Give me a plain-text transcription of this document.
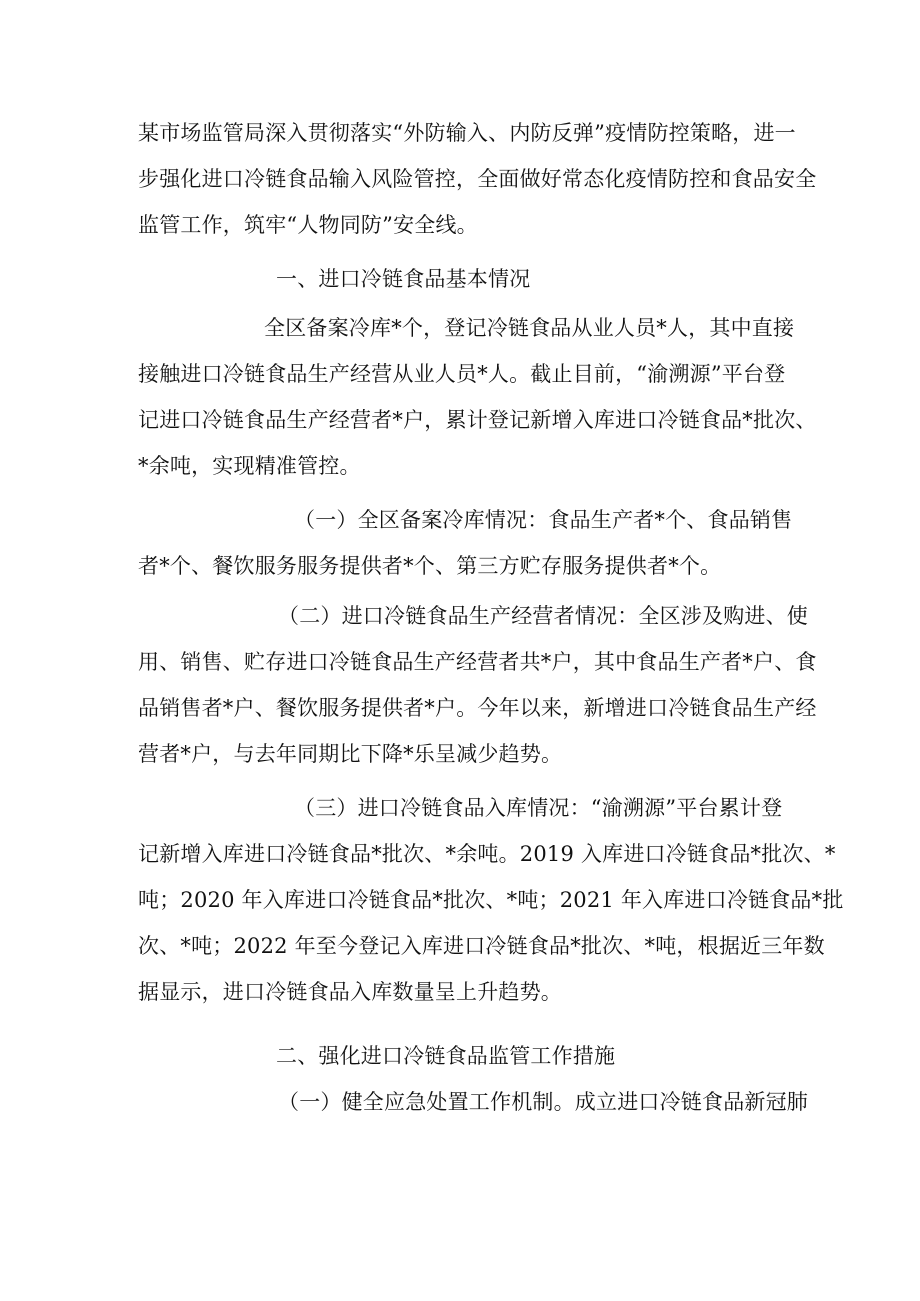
某市场监管局深入贯彻落实“外防输入、内防反弹”疫情防控策略，进一
步强化进口冷链食品输入风险管控，全面做好常态化疫情防控和食品安全
监管工作，筑牢“人物同防”安全线。
一、进口冷链食品基本情况
全区备案冷库*个，登记冷链食品从业人员*人，其中直接
接触进口冷链食品生产经营从业人员*人。截止目前，“渝溯源”平台登
记进口冷链食品生产经营者*户，累计登记新增入库进口冷链食品*批次、
*余吨，实现精准管控。
（一）全区备案冷库情况：食品生产者*个、食品销售
者*个、餐饮服务服务提供者*个、第三方贮存服务提供者*个。
（二）进口冷链食品生产经营者情况：全区涉及购进、使
用、销售、贮存进口冷链食品生产经营者共*户，其中食品生产者*户、食
品销售者*户、餐饮服务提供者*户。今年以来，新增进口冷链食品生产经
营者*户，与去年同期比下降*乐呈减少趋势。
（三）进口冷链食品入库情况：“渝溯源”平台累计登
记新增入库进口冷链食品*批次、*余吨。2019 入库进口冷链食品*批次、*
吨；2020 年入库进口冷链食品*批次、*吨；2021 年入库进口冷链食品*批
次、*吨；2022 年至今登记入库进口冷链食品*批次、*吨，根据近三年数
据显示，进口冷链食品入库数量呈上升趋势。
二、强化进口冷链食品监管工作措施
（一）健全应急处置工作机制。成立进口冷链食品新冠肺
